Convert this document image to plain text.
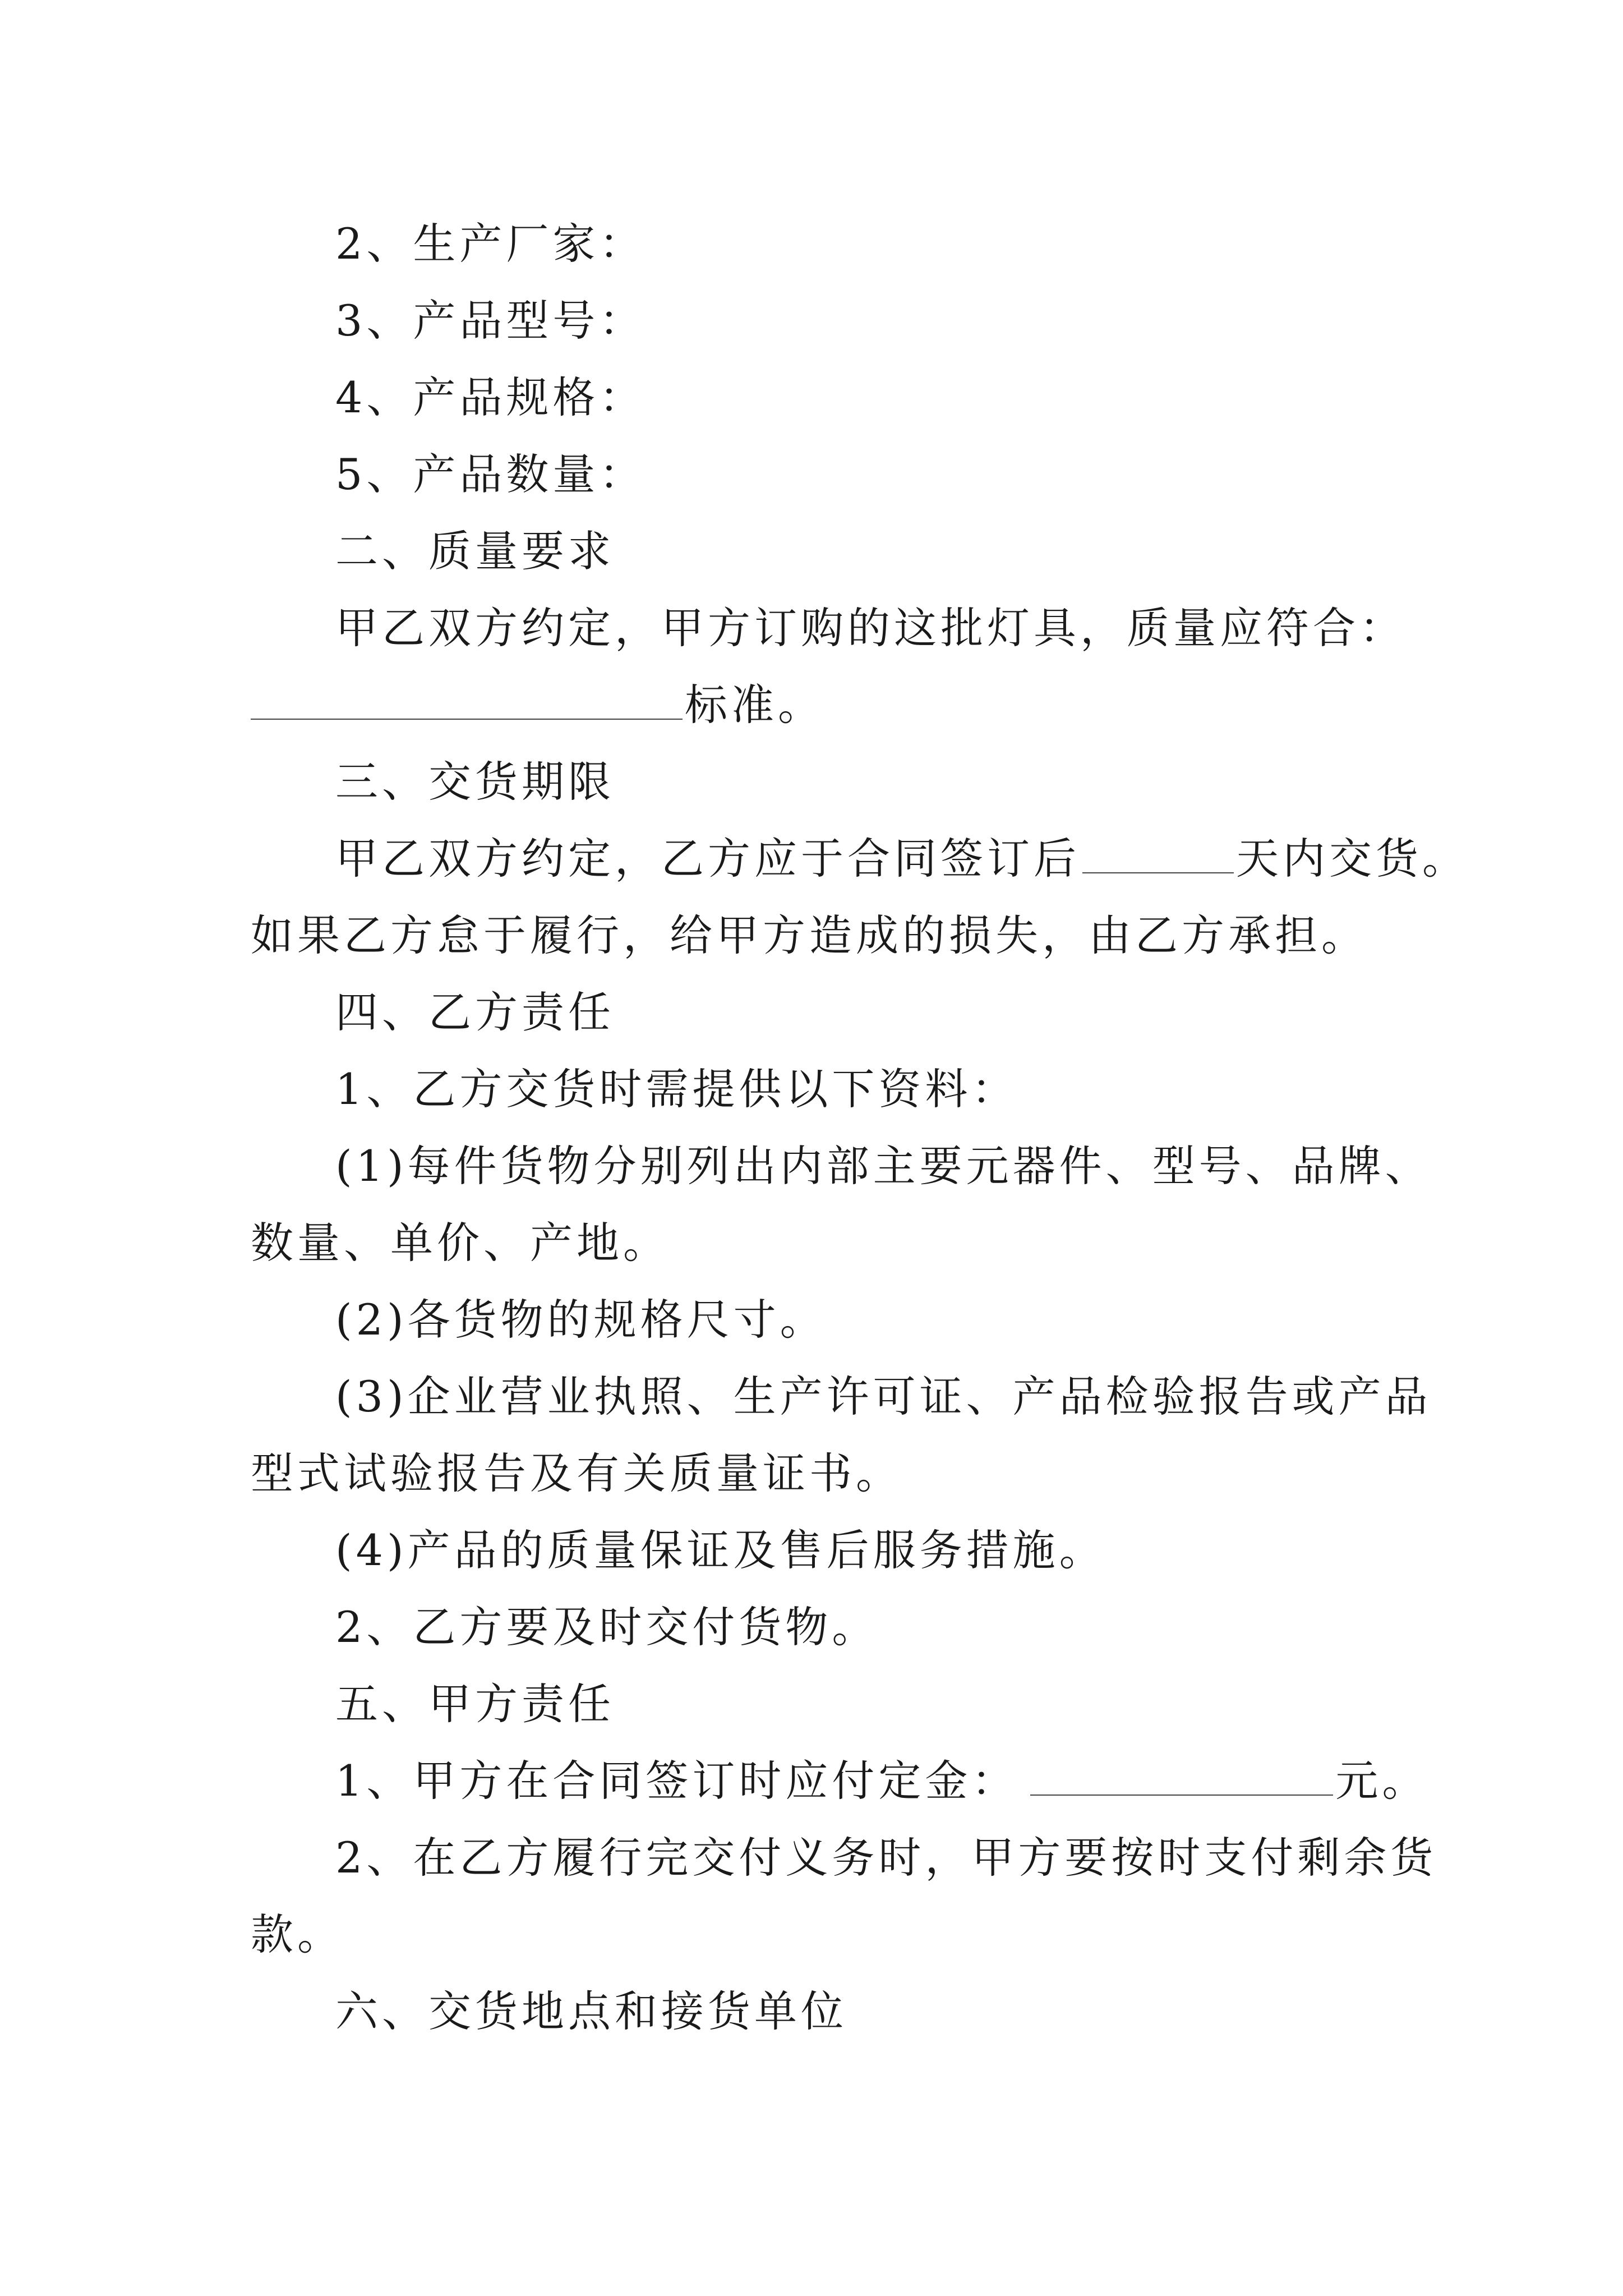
2、生产厂家：
3、产品型号：
4、产品规格：
5、产品数量：
二、质量要求
甲乙双方约定，甲方订购的这批灯具，质量应符合：
标准。
三、交货期限
甲乙双方约定，乙方应于合同签订后	天内交货。
如果乙方怠于履行，给甲方造成的损失，由乙方承担。
四、乙方责任
1、乙方交货时需提供以下资料：
(1)每件货物分别列出内部主要元器件、型号、品牌、
数量、单价、产地。
(2)各货物的规格尺寸。
(3)企业营业执照、生产许可证、产品检验报告或产品
型式试验报告及有关质量证书。
(4)产品的质量保证及售后服务措施。
2、乙方要及时交付货物。
五、甲方责任
1、甲方在合同签订时应付定金：	元。
2、在乙方履行完交付义务时，甲方要按时支付剩余货
款。
六、交货地点和接货单位
